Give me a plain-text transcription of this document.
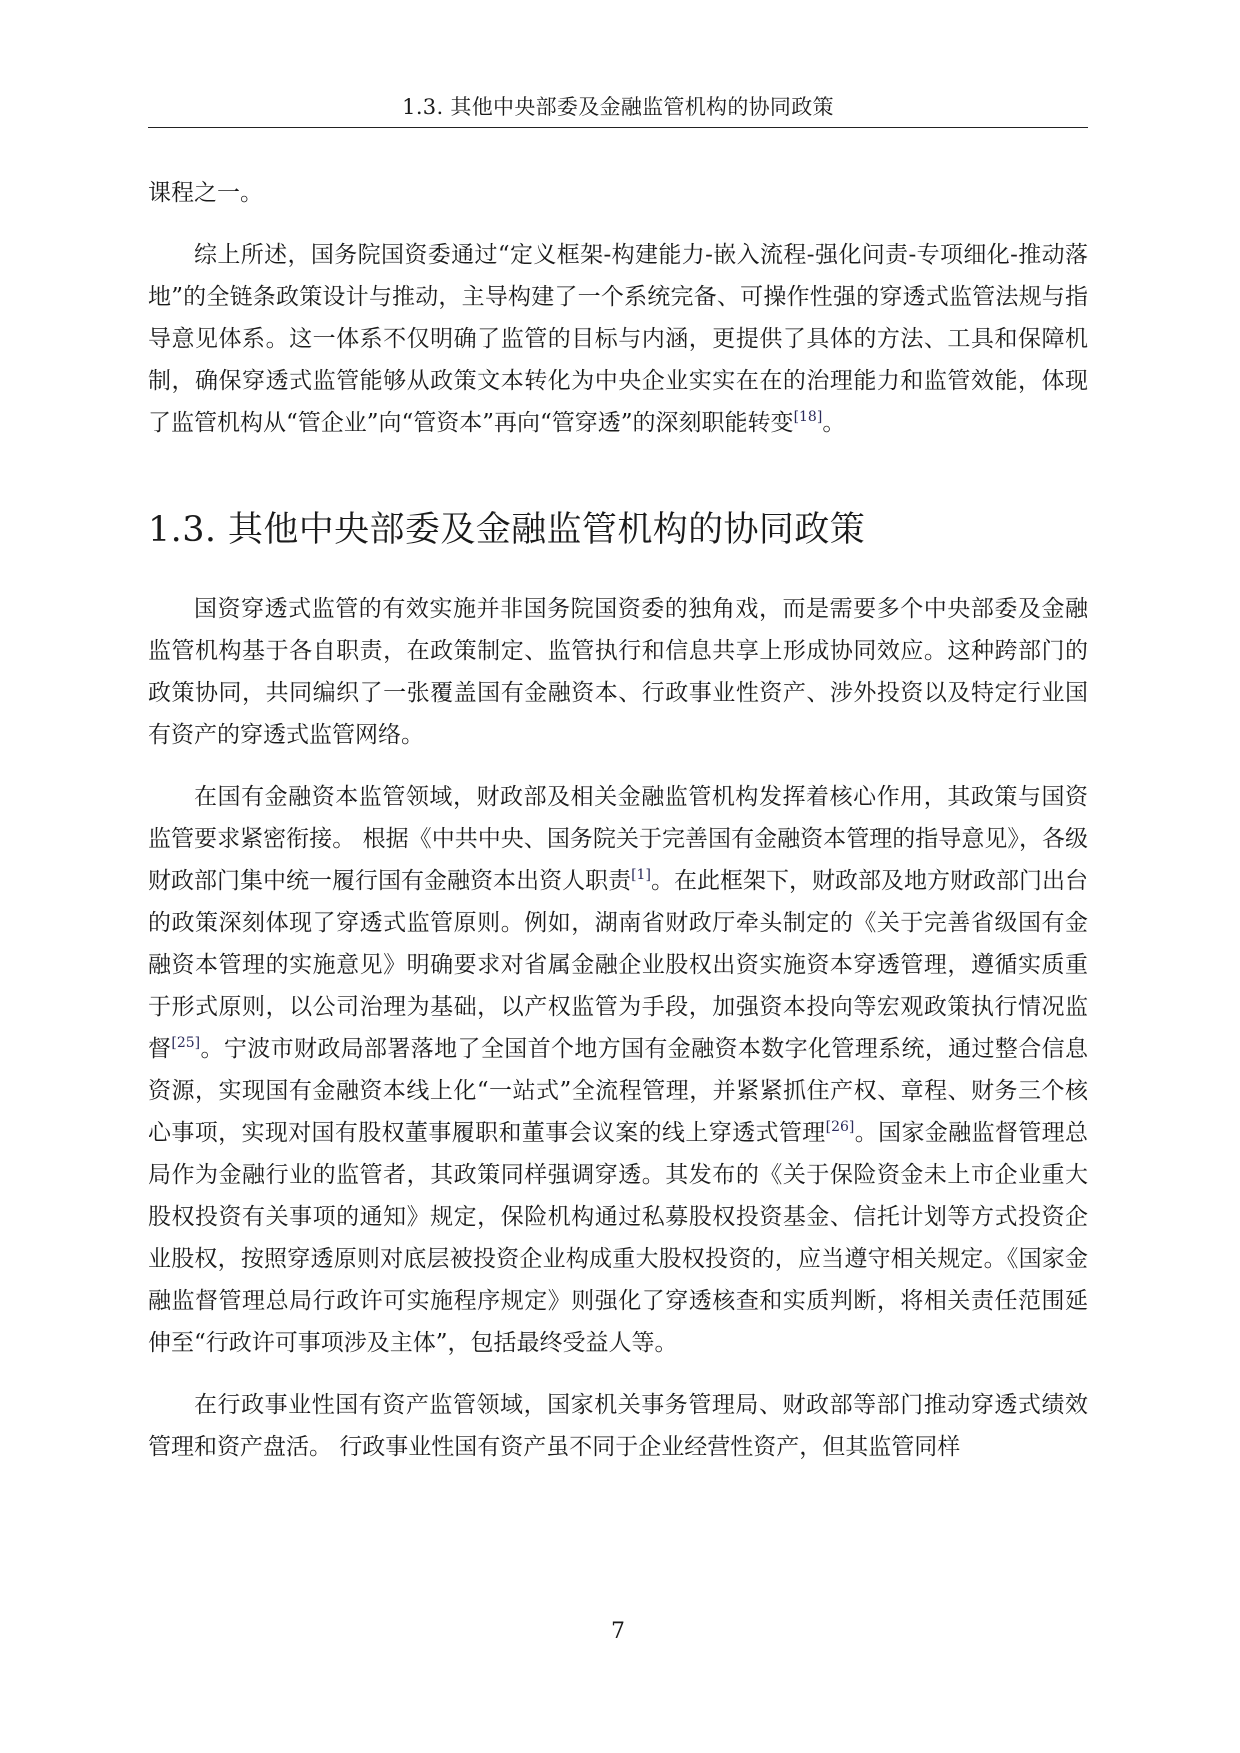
1.3. 其他中央部委及金融监管机构的协同政策

课程之一。

综上所述，国务院国资委通过“定义框架-构建能力-嵌入流程-强化问责-专项细化-推动落地”的全链条政策设计与推动，主导构建了一个系统完备、可操作性强的穿透式监管法规与指导意见体系。这一体系不仅明确了监管的目标与内涵，更提供了具体的方法、工具和保障机制，确保穿透式监管能够从政策文本转化为中央企业实实在在的治理能力和监管效能，体现了监管机构从“管企业”向“管资本”再向“管穿透”的深刻职能转变[18]。

1.3. 其他中央部委及金融监管机构的协同政策

国资穿透式监管的有效实施并非国务院国资委的独角戏，而是需要多个中央部委及金融监管机构基于各自职责，在政策制定、监管执行和信息共享上形成协同效应。这种跨部门的政策协同，共同编织了一张覆盖国有金融资本、行政事业性资产、涉外投资以及特定行业国有资产的穿透式监管网络。

在国有金融资本监管领域，财政部及相关金融监管机构发挥着核心作用，其政策与国资监管要求紧密衔接。 根据《中共中央、国务院关于完善国有金融资本管理的指导意见》，各级财政部门集中统一履行国有金融资本出资人职责[1]。在此框架下，财政部及地方财政部门出台的政策深刻体现了穿透式监管原则。例如，湖南省财政厅牵头制定的《关于完善省级国有金融资本管理的实施意见》明确要求对省属金融企业股权出资实施资本穿透管理，遵循实质重于形式原则，以公司治理为基础，以产权监管为手段，加强资本投向等宏观政策执行情况监督[25]。宁波市财政局部署落地了全国首个地方国有金融资本数字化管理系统，通过整合信息资源，实现国有金融资本线上化“一站式”全流程管理，并紧紧抓住产权、章程、财务三个核心事项，实现对国有股权董事履职和董事会议案的线上穿透式管理[26]。国家金融监督管理总局作为金融行业的监管者，其政策同样强调穿透。其发布的《关于保险资金未上市企业重大股权投资有关事项的通知》规定，保险机构通过私募股权投资基金、信托计划等方式投资企业股权，按照穿透原则对底层被投资企业构成重大股权投资的，应当遵守相关规定。《国家金融监督管理总局行政许可实施程序规定》则强化了穿透核查和实质判断，将相关责任范围延伸至“行政许可事项涉及主体”，包括最终受益人等。

在行政事业性国有资产监管领域，国家机关事务管理局、财政部等部门推动穿透式绩效管理和资产盘活。 行政事业性国有资产虽不同于企业经营性资产，但其监管同样

7
